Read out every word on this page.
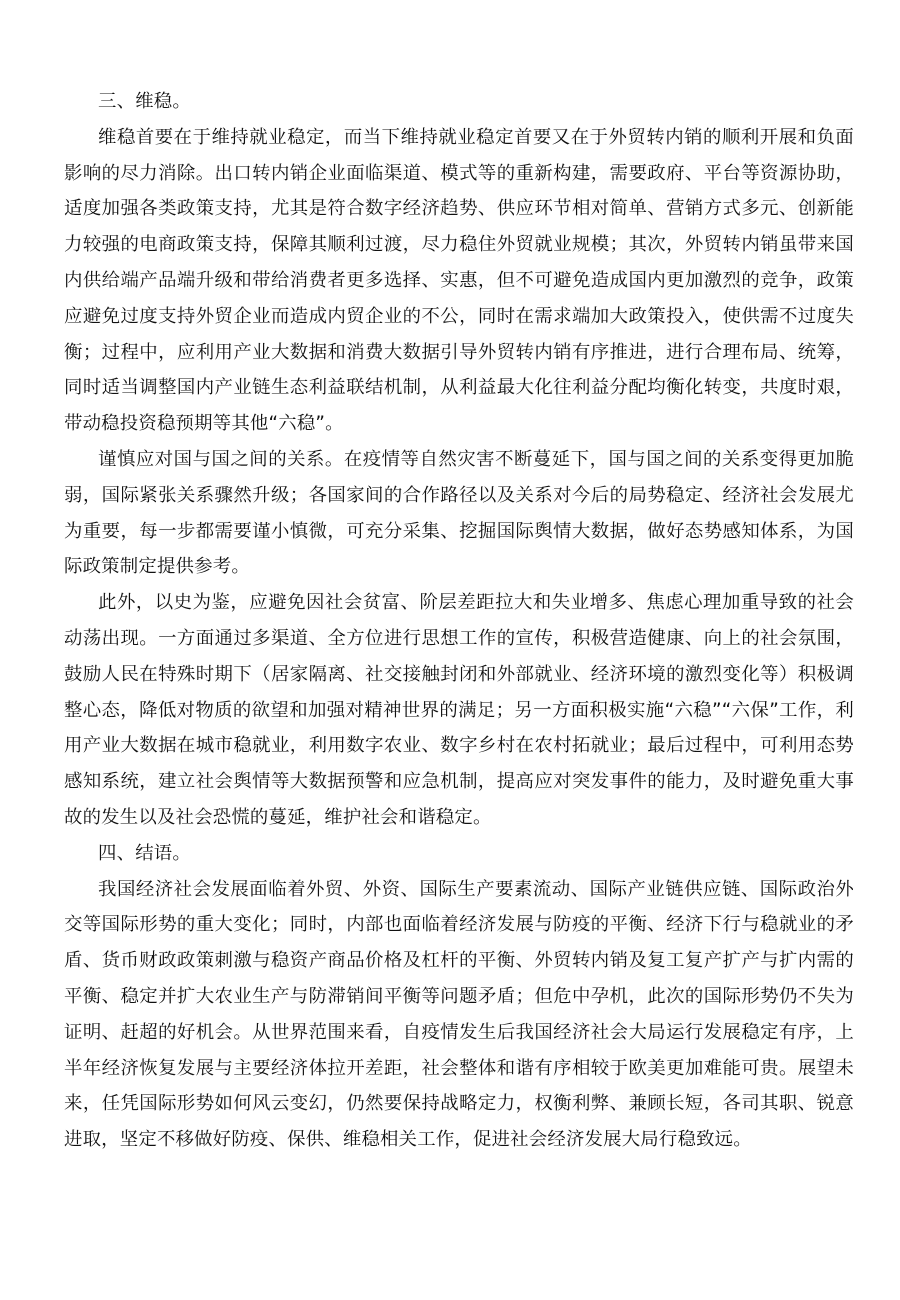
三、维稳。

维稳首要在于维持就业稳定，而当下维持就业稳定首要又在于外贸转内销的顺利开展和负面影响的尽力消除。出口转内销企业面临渠道、模式等的重新构建，需要政府、平台等资源协助，适度加强各类政策支持，尤其是符合数字经济趋势、供应环节相对简单、营销方式多元、创新能力较强的电商政策支持，保障其顺利过渡，尽力稳住外贸就业规模；其次，外贸转内销虽带来国内供给端产品端升级和带给消费者更多选择、实惠，但不可避免造成国内更加激烈的竞争，政策应避免过度支持外贸企业而造成内贸企业的不公，同时在需求端加大政策投入，使供需不过度失衡；过程中，应利用产业大数据和消费大数据引导外贸转内销有序推进，进行合理布局、统筹，同时适当调整国内产业链生态利益联结机制，从利益最大化往利益分配均衡化转变，共度时艰，带动稳投资稳预期等其他“六稳”。

谨慎应对国与国之间的关系。在疫情等自然灾害不断蔓延下，国与国之间的关系变得更加脆弱，国际紧张关系骤然升级；各国家间的合作路径以及关系对今后的局势稳定、经济社会发展尤为重要，每一步都需要谨小慎微，可充分采集、挖掘国际舆情大数据，做好态势感知体系，为国际政策制定提供参考。

此外，以史为鉴，应避免因社会贫富、阶层差距拉大和失业增多、焦虑心理加重导致的社会动荡出现。一方面通过多渠道、全方位进行思想工作的宣传，积极营造健康、向上的社会氛围，鼓励人民在特殊时期下（居家隔离、社交接触封闭和外部就业、经济环境的激烈变化等）积极调整心态，降低对物质的欲望和加强对精神世界的满足；另一方面积极实施“六稳”“六保”工作，利用产业大数据在城市稳就业，利用数字农业、数字乡村在农村拓就业；最后过程中，可利用态势感知系统，建立社会舆情等大数据预警和应急机制，提高应对突发事件的能力，及时避免重大事故的发生以及社会恐慌的蔓延，维护社会和谐稳定。

四、结语。

我国经济社会发展面临着外贸、外资、国际生产要素流动、国际产业链供应链、国际政治外交等国际形势的重大变化；同时，内部也面临着经济发展与防疫的平衡、经济下行与稳就业的矛盾、货币财政政策刺激与稳资产商品价格及杠杆的平衡、外贸转内销及复工复产扩产与扩内需的平衡、稳定并扩大农业生产与防滞销间平衡等问题矛盾；但危中孕机，此次的国际形势仍不失为证明、赶超的好机会。从世界范围来看，自疫情发生后我国经济社会大局运行发展稳定有序，上半年经济恢复发展与主要经济体拉开差距，社会整体和谐有序相较于欧美更加难能可贵。展望未来，任凭国际形势如何风云变幻，仍然要保持战略定力，权衡利弊、兼顾长短，各司其职、锐意进取，坚定不移做好防疫、保供、维稳相关工作，促进社会经济发展大局行稳致远。
